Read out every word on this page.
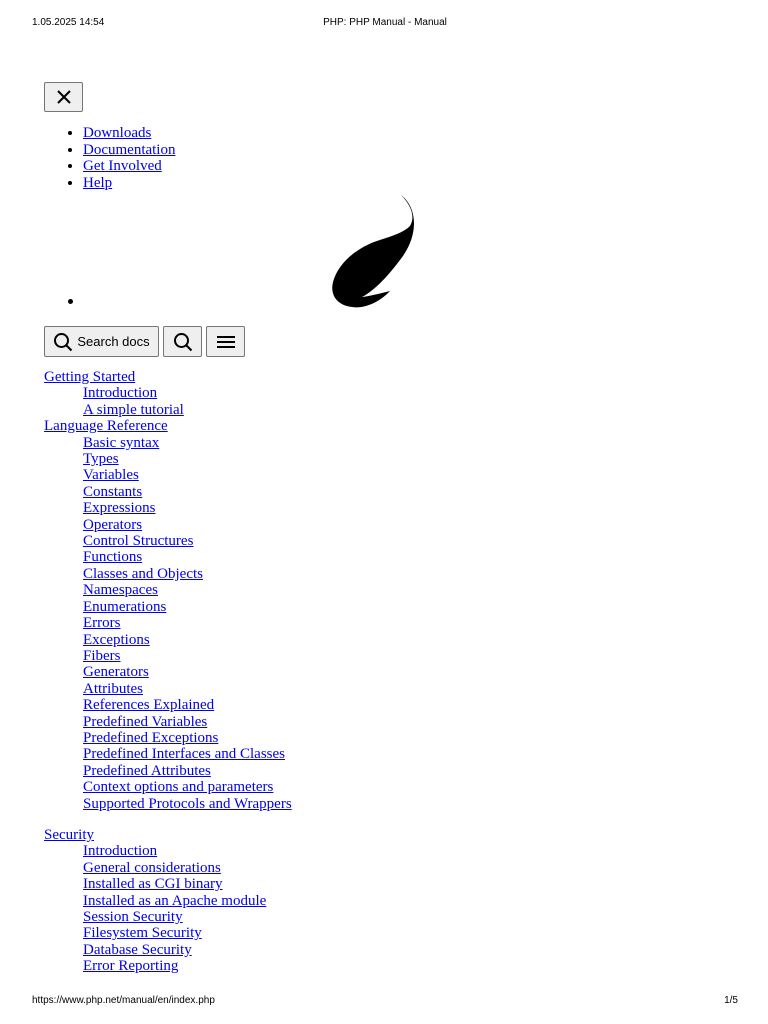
1.05.2025 14:54	PHP: PHP Manual - Manual
• Downloads
• Documentation
• Get Involved
• Help
Search docs
Getting Started
Introduction
A simple tutorial
Language Reference
Basic syntax
Types
Variables
Constants
Expressions
Operators
Control Structures
Functions
Classes and Objects
Namespaces
Enumerations
Errors
Exceptions
Fibers
Generators
Attributes
References Explained
Predefined Variables
Predefined Exceptions
Predefined Interfaces and Classes
Predefined Attributes
Context options and parameters
Supported Protocols and Wrappers
Security
Introduction
General considerations
Installed as CGI binary
Installed as an Apache module
Session Security
Filesystem Security
Database Security
Error Reporting
https://www.php.net/manual/en/index.php	1/5
